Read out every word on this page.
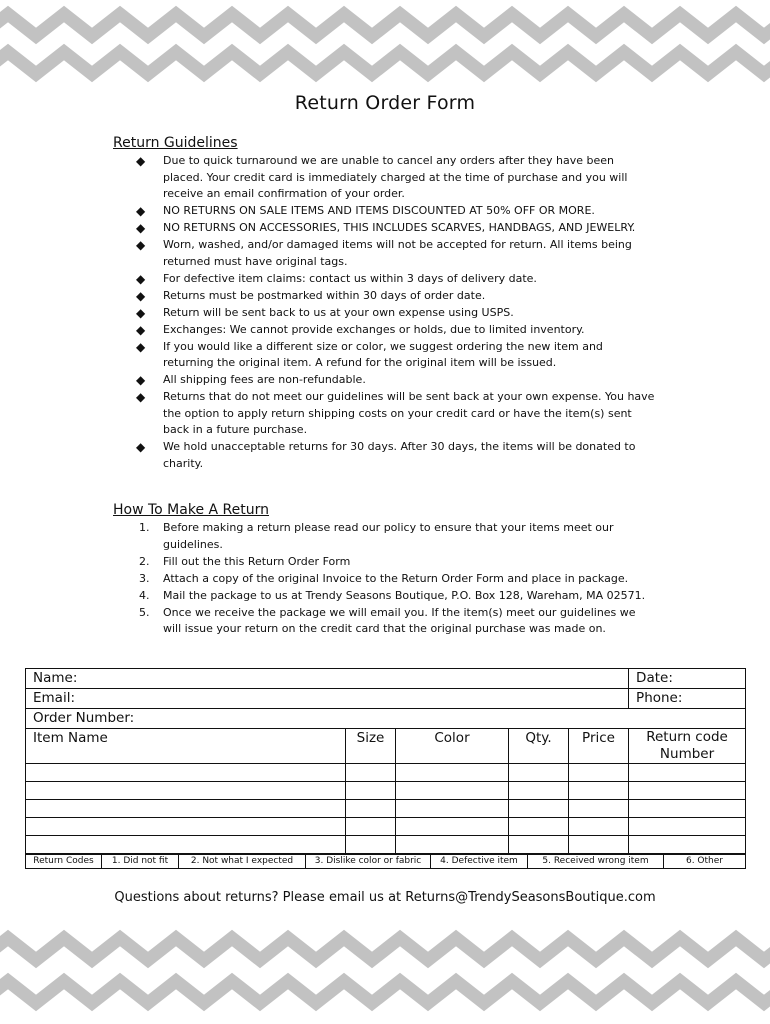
Return Order Form
Return Guidelines
◆ Due to quick turnaround we are unable to cancel any orders after they have been placed. Your credit card is immediately charged at the time of purchase and you will receive an email confirmation of your order.
◆ NO RETURNS ON SALE ITEMS AND ITEMS DISCOUNTED AT 50% OFF OR MORE.
◆ NO RETURNS ON ACCESSORIES, THIS INCLUDES SCARVES, HANDBAGS, AND JEWELRY.
◆ Worn, washed, and/or damaged items will not be accepted for return. All items being returned must have original tags.
◆ For defective item claims: contact us within 3 days of delivery date.
◆ Returns must be postmarked within 30 days of order date.
◆ Return will be sent back to us at your own expense using USPS.
◆ Exchanges: We cannot provide exchanges or holds, due to limited inventory.
◆ If you would like a different size or color, we suggest ordering the new item and returning the original item. A refund for the original item will be issued.
◆ All shipping fees are non-refundable.
◆ Returns that do not meet our guidelines will be sent back at your own expense. You have the option to apply return shipping costs on your credit card or have the item(s) sent back in a future purchase.
◆ We hold unacceptable returns for 30 days. After 30 days, the items will be donated to charity.
How To Make A Return
1. Before making a return please read our policy to ensure that your items meet our guidelines.
2. Fill out the this Return Order Form
3. Attach a copy of the original Invoice to the Return Order Form and place in package.
4. Mail the package to us at Trendy Seasons Boutique, P.O. Box 128, Wareham, MA 02571.
5. Once we receive the package we will email you. If the item(s) meet our guidelines we will issue your return on the credit card that the original purchase was made on.
Name:					Date:
Email:					Phone:
Order Number:					
Item Name	Size	Color	Qty.	Price	Return code Number

Return Codes	1. Did not fit	2. Not what I expected	3. Dislike color or fabric	4. Defective item	5. Received wrong item	6. Other
Questions about returns? Please email us at Returns@TrendySeasonsBoutique.com
